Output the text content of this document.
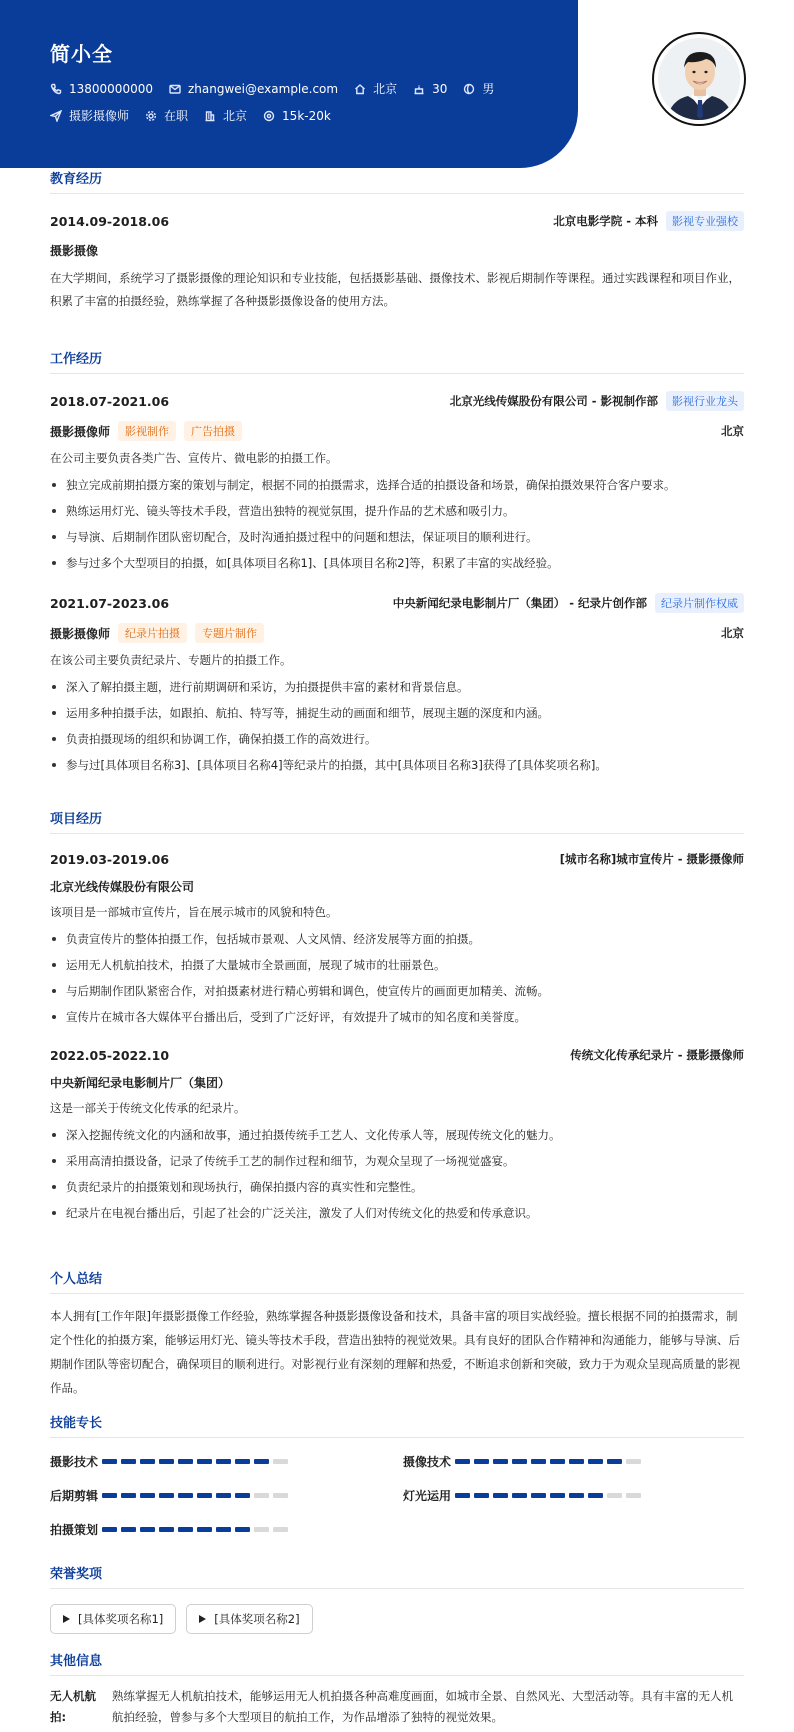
简小全
13800000000	zhangwei@example.com	北京	30	男
摄影摄像师	在职	北京	15k-20k
教育经历
2014.09-2018.06	北京电影学院 - 本科	影视专业强校
摄影摄像
在大学期间，系统学习了摄影摄像的理论知识和专业技能，包括摄影基础、摄像技术、影视后期制作等课程。通过实践课程和项目作业，积累了丰富的拍摄经验，熟练掌握了各种摄影摄像设备的使用方法。
工作经历
2018.07-2021.06	北京光线传媒股份有限公司 - 影视制作部	影视行业龙头
摄影摄像师	影视制作	广告拍摄	北京
在公司主要负责各类广告、宣传片、微电影的拍摄工作。
独立完成前期拍摄方案的策划与制定，根据不同的拍摄需求，选择合适的拍摄设备和场景，确保拍摄效果符合客户要求。
熟练运用灯光、镜头等技术手段，营造出独特的视觉氛围，提升作品的艺术感和吸引力。
与导演、后期制作团队密切配合，及时沟通拍摄过程中的问题和想法，保证项目的顺利进行。
参与过多个大型项目的拍摄，如[具体项目名称1]、[具体项目名称2]等，积累了丰富的实战经验。
2021.07-2023.06	中央新闻纪录电影制片厂（集团） - 纪录片创作部	纪录片制作权威
摄影摄像师	纪录片拍摄	专题片制作	北京
在该公司主要负责纪录片、专题片的拍摄工作。
深入了解拍摄主题，进行前期调研和采访，为拍摄提供丰富的素材和背景信息。
运用多种拍摄手法，如跟拍、航拍、特写等，捕捉生动的画面和细节，展现主题的深度和内涵。
负责拍摄现场的组织和协调工作，确保拍摄工作的高效进行。
参与过[具体项目名称3]、[具体项目名称4]等纪录片的拍摄，其中[具体项目名称3]获得了[具体奖项名称]。
项目经历
2019.03-2019.06	[城市名称]城市宣传片 - 摄影摄像师
北京光线传媒股份有限公司
该项目是一部城市宣传片，旨在展示城市的风貌和特色。
负责宣传片的整体拍摄工作，包括城市景观、人文风情、经济发展等方面的拍摄。
运用无人机航拍技术，拍摄了大量城市全景画面，展现了城市的壮丽景色。
与后期制作团队紧密合作，对拍摄素材进行精心剪辑和调色，使宣传片的画面更加精美、流畅。
宣传片在城市各大媒体平台播出后，受到了广泛好评，有效提升了城市的知名度和美誉度。
2022.05-2022.10	传统文化传承纪录片 - 摄影摄像师
中央新闻纪录电影制片厂（集团）
这是一部关于传统文化传承的纪录片。
深入挖掘传统文化的内涵和故事，通过拍摄传统手工艺人、文化传承人等，展现传统文化的魅力。
采用高清拍摄设备，记录了传统手工艺的制作过程和细节，为观众呈现了一场视觉盛宴。
负责纪录片的拍摄策划和现场执行，确保拍摄内容的真实性和完整性。
纪录片在电视台播出后，引起了社会的广泛关注，激发了人们对传统文化的热爱和传承意识。
个人总结
本人拥有[工作年限]年摄影摄像工作经验，熟练掌握各种摄影摄像设备和技术，具备丰富的项目实战经验。擅长根据不同的拍摄需求，制定个性化的拍摄方案，能够运用灯光、镜头等技术手段，营造出独特的视觉效果。具有良好的团队合作精神和沟通能力，能够与导演、后期制作团队等密切配合，确保项目的顺利进行。对影视行业有深刻的理解和热爱，不断追求创新和突破，致力于为观众呈现高质量的影视作品。
技能专长
摄影技术	摄像技术
后期剪辑	灯光运用
拍摄策划
荣誉奖项
[具体奖项名称1]	[具体奖项名称2]
其他信息
无人机航拍:
熟练掌握无人机航拍技术，能够运用无人机拍摄各种高难度画面，如城市全景、自然风光、大型活动等。具有丰富的无人机航拍经验，曾参与多个大型项目的航拍工作，为作品增添了独特的视觉效果。
